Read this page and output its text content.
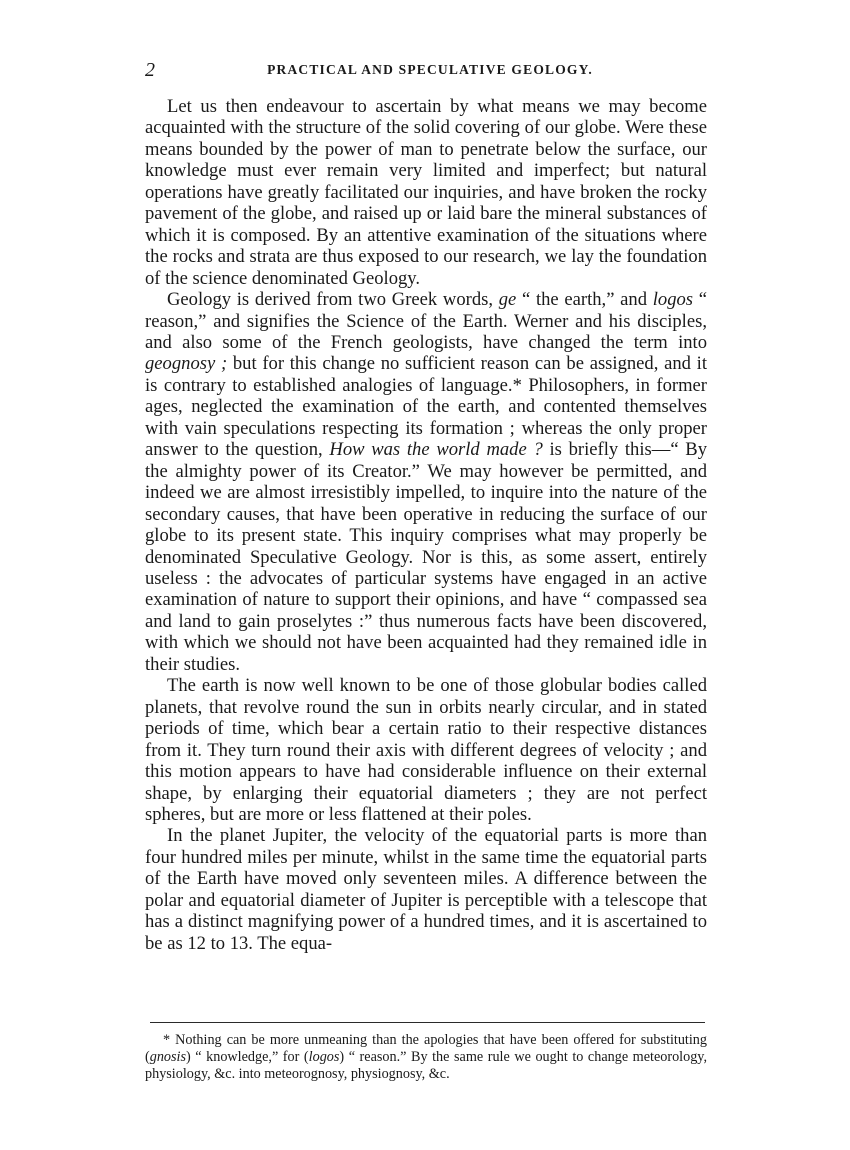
2	PRACTICAL AND SPECULATIVE GEOLOGY.

Let us then endeavour to ascertain by what means we may become acquainted with the structure of the solid covering of our globe. Were these means bounded by the power of man to penetrate below the surface, our knowledge must ever remain very limited and imperfect; but natural operations have greatly facilitated our inquiries, and have broken the rocky pavement of the globe, and raised up or laid bare the mineral substances of which it is composed. By an attentive examination of the situations where the rocks and strata are thus exposed to our research, we lay the foundation of the science denominated Geology.

Geology is derived from two Greek words, ge “ the earth,” and logos “ reason,” and signifies the Science of the Earth. Werner and his disciples, and also some of the French geologists, have changed the term into geognosy ; but for this change no sufficient reason can be assigned, and it is contrary to established analogies of language.* Philosophers, in former ages, neglected the examination of the earth, and contented themselves with vain speculations respecting its formation ; whereas the only proper answer to the question, How was the world made ? is briefly this—“ By the almighty power of its Creator.” We may however be permitted, and indeed we are almost irresistibly impelled, to inquire into the nature of the secondary causes, that have been operative in reducing the surface of our globe to its present state. This inquiry comprises what may properly be denominated Speculative Geology. Nor is this, as some assert, entirely useless : the advocates of particular systems have engaged in an active examination of nature to support their opinions, and have “ compassed sea and land to gain proselytes :” thus numerous facts have been discovered, with which we should not have been acquainted had they remained idle in their studies.

The earth is now well known to be one of those globular bodies called planets, that revolve round the sun in orbits nearly circular, and in stated periods of time, which bear a certain ratio to their respective distances from it. They turn round their axis with different degrees of velocity ; and this motion appears to have had considerable influence on their external shape, by enlarging their equatorial diameters ; they are not perfect spheres, but are more or less flattened at their poles.

In the planet Jupiter, the velocity of the equatorial parts is more than four hundred miles per minute, whilst in the same time the equatorial parts of the Earth have moved only seventeen miles. A difference between the polar and equatorial diameter of Jupiter is perceptible with a telescope that has a distinct magnifying power of a hundred times, and it is ascertained to be as 12 to 13. The equa-

* Nothing can be more unmeaning than the apologies that have been offered for substituting (gnosis) “ knowledge,” for (logos) “ reason.” By the same rule we ought to change meteorology, physiology, &c. into meteorognosy, physiognosy, &c.
